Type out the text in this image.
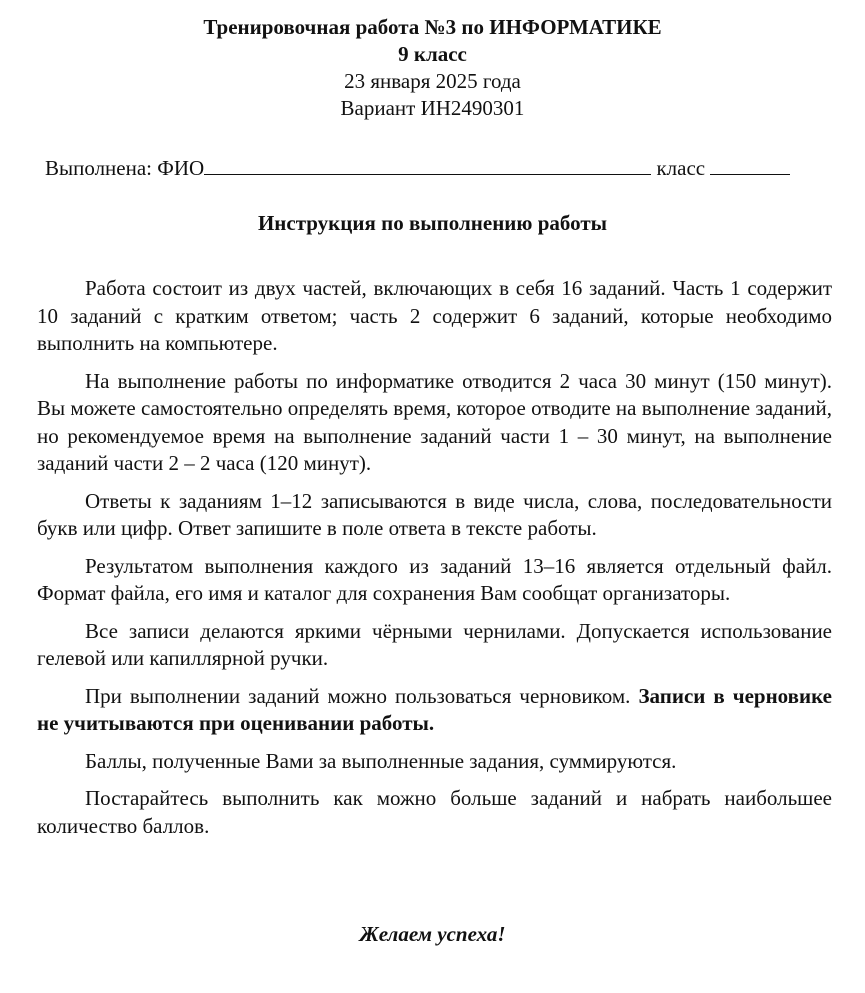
Тренировочная работа №3 по ИНФОРМАТИКЕ
9 класс
23 января 2025 года
Вариант ИН2490301
Выполнена: ФИО	класс
Инструкция по выполнению работы

Работа состоит из двух частей, включающих в себя 16 заданий. Часть 1 содержит 10 заданий с кратким ответом; часть 2 содержит 6 заданий, которые необходимо выполнить на компьютере.

На выполнение работы по информатике отводится 2 часа 30 минут (150 минут). Вы можете самостоятельно определять время, которое отводите на выполнение заданий, но рекомендуемое время на выполнение заданий части 1 – 30 минут, на выполнение заданий части 2 – 2 часа (120 минут).

Ответы к заданиям 1–12 записываются в виде числа, слова, последовательности букв или цифр. Ответ запишите в поле ответа в тексте работы.

Результатом выполнения каждого из заданий 13–16 является отдельный файл. Формат файла, его имя и каталог для сохранения Вам сообщат организаторы.

Все записи делаются яркими чёрными чернилами. Допускается использование гелевой или капиллярной ручки.

При выполнении заданий можно пользоваться черновиком. Записи в черновике не учитываются при оценивании работы.

Баллы, полученные Вами за выполненные задания, суммируются.

Постарайтесь выполнить как можно больше заданий и набрать наибольшее количество баллов.

Желаем успеха!
